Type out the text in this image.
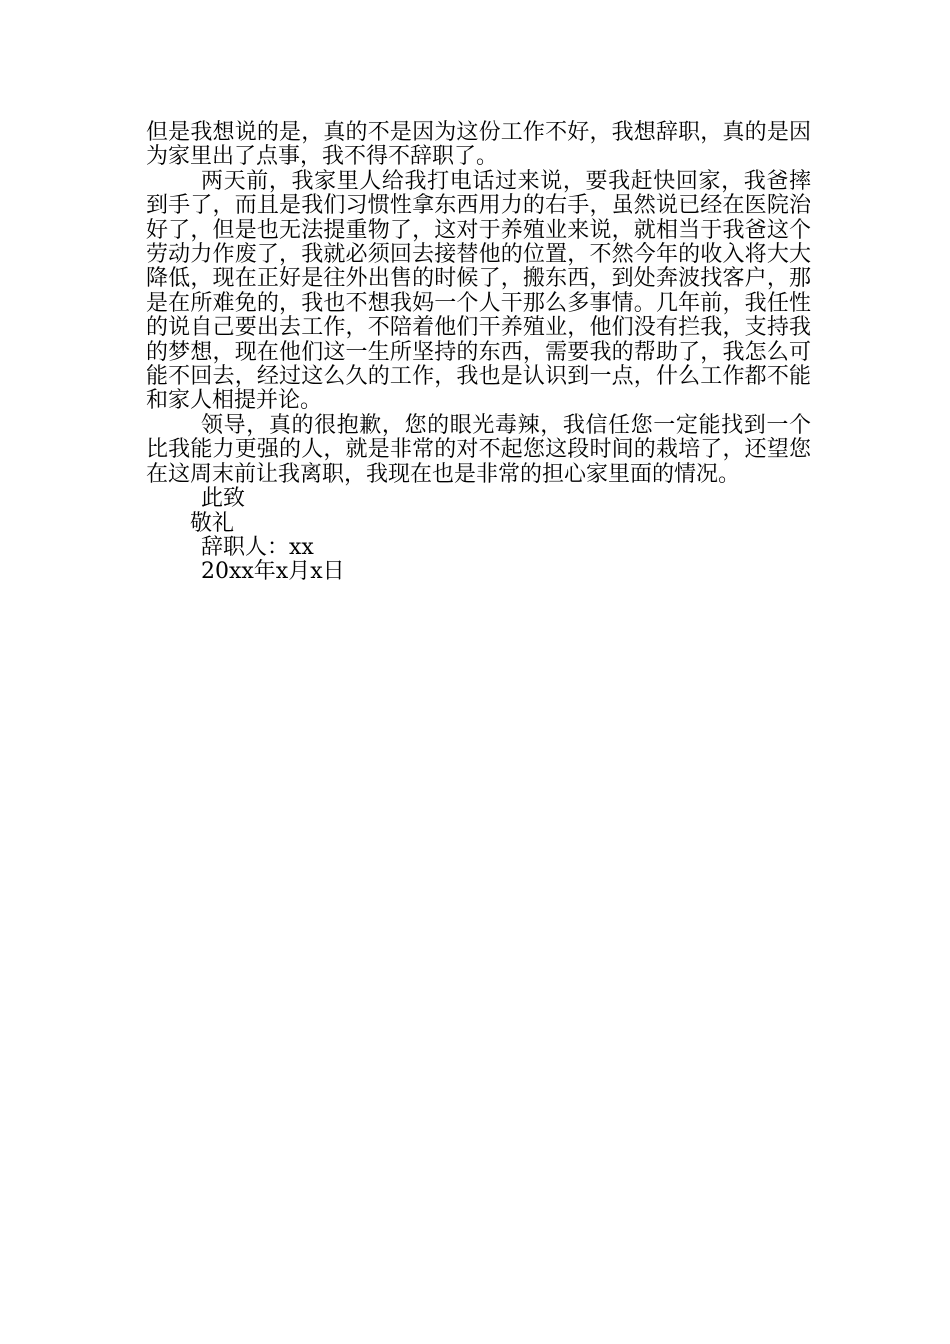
但是我想说的是，真的不是因为这份工作不好，我想辞职，真的是因为家里出了点事，我不得不辞职了。

两天前，我家里人给我打电话过来说，要我赶快回家，我爸摔到手了，而且是我们习惯性拿东西用力的右手，虽然说已经在医院治好了，但是也无法提重物了，这对于养殖业来说，就相当于我爸这个劳动力作废了，我就必须回去接替他的位置，不然今年的收入将大大降低，现在正好是往外出售的时候了，搬东西，到处奔波找客户，那是在所难免的，我也不想我妈一个人干那么多事情。几年前，我任性的说自己要出去工作，不陪着他们干养殖业，他们没有拦我，支持我的梦想，现在他们这一生所坚持的东西，需要我的帮助了，我怎么可能不回去，经过这么久的工作，我也是认识到一点，什么工作都不能和家人相提并论。

领导，真的很抱歉，您的眼光毒辣，我信任您一定能找到一个比我能力更强的人，就是非常的对不起您这段时间的栽培了，还望您在这周末前让我离职，我现在也是非常的担心家里面的情况。

此致

敬礼

辞职人：xx

20xx年x月x日
